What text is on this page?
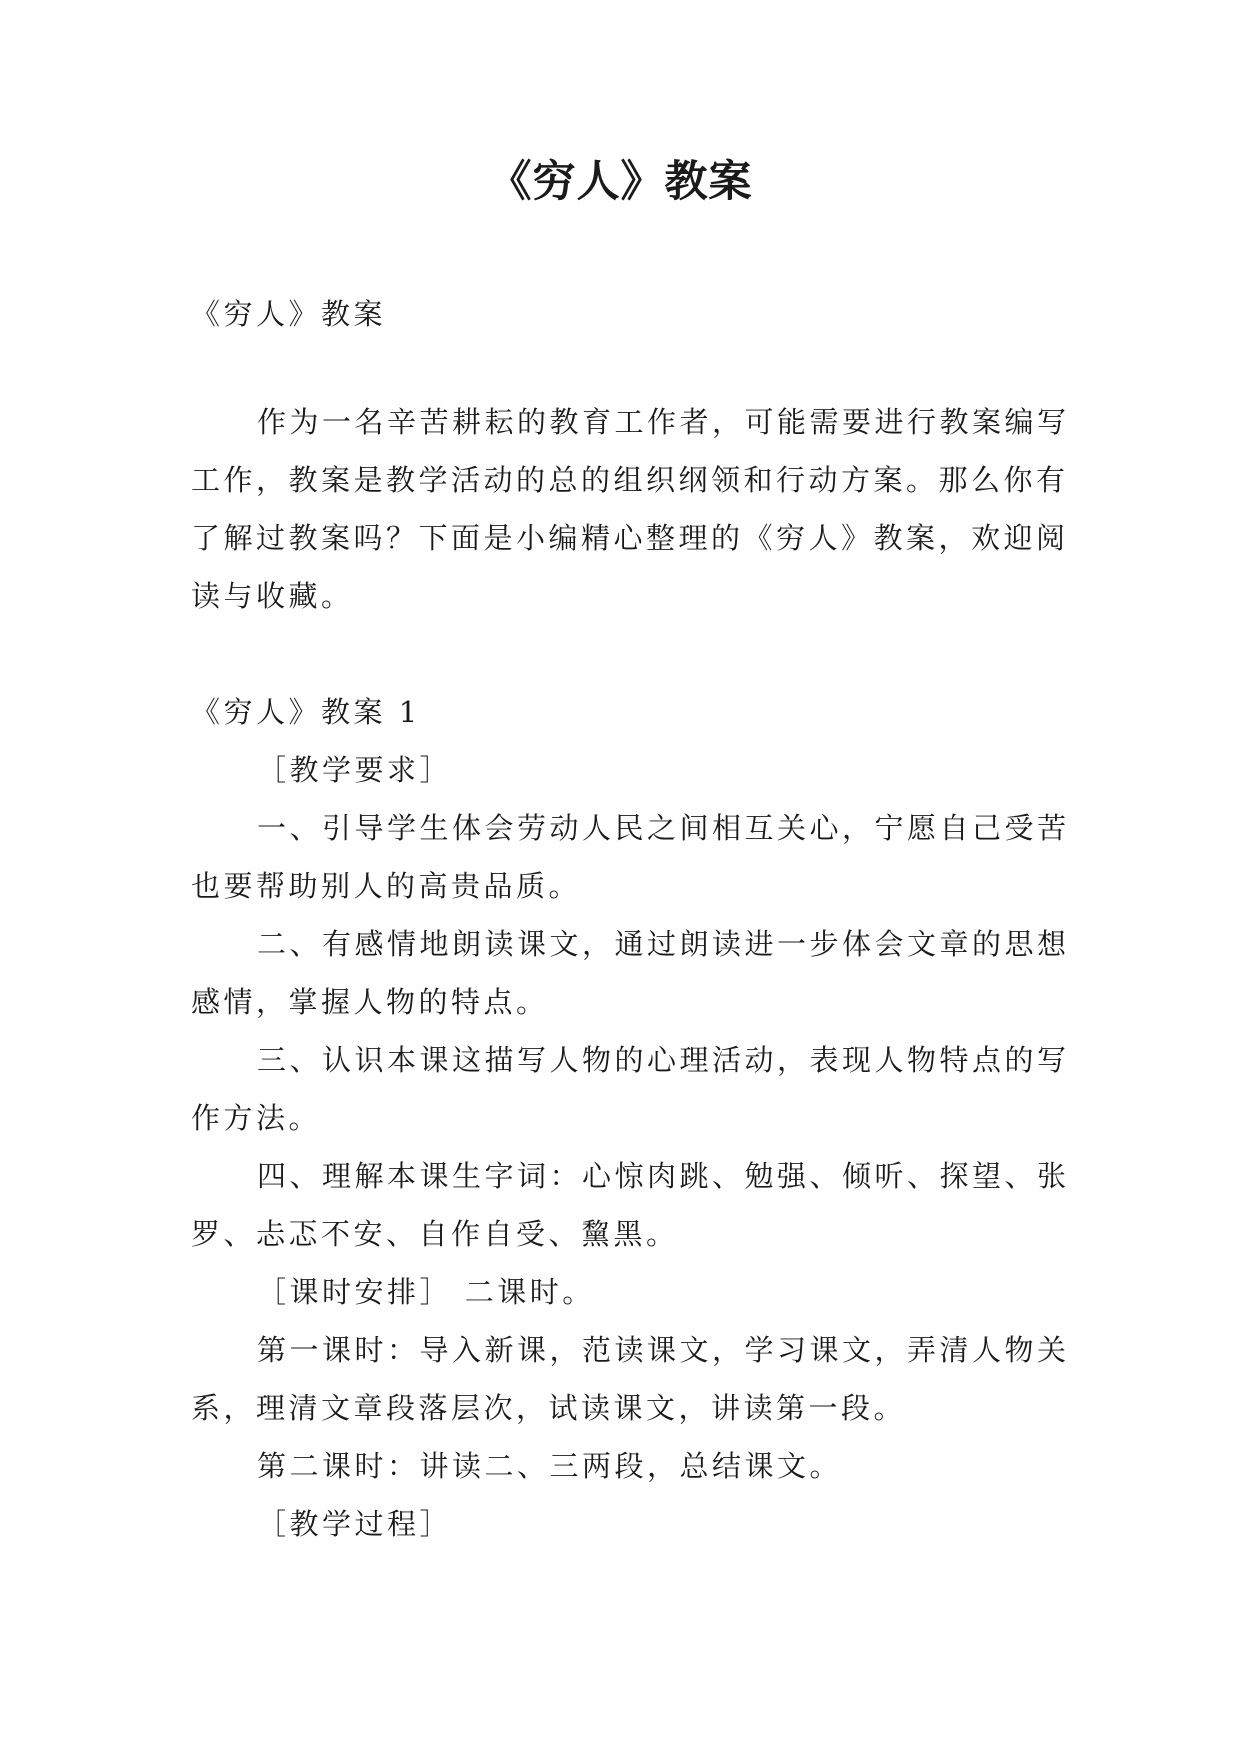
《穷人》教案

《穷人》教案

作为一名辛苦耕耘的教育工作者，可能需要进行教案编写工作，教案是教学活动的总的组织纲领和行动方案。那么你有了解过教案吗？下面是小编精心整理的《穷人》教案，欢迎阅读与收藏。

《穷人》教案 1

［教学要求］

一、引导学生体会劳动人民之间相互关心，宁愿自己受苦也要帮助别人的高贵品质。

二、有感情地朗读课文，通过朗读进一步体会文章的思想感情，掌握人物的特点。

三、认识本课这描写人物的心理活动，表现人物特点的写作方法。

四、理解本课生字词：心惊肉跳、勉强、倾听、探望、张罗、忐忑不安、自作自受、黧黑。

［课时安排］ 二课时。

第一课时：导入新课，范读课文，学习课文，弄清人物关系，理清文章段落层次，试读课文，讲读第一段。

第二课时：讲读二、三两段，总结课文。

［教学过程］
